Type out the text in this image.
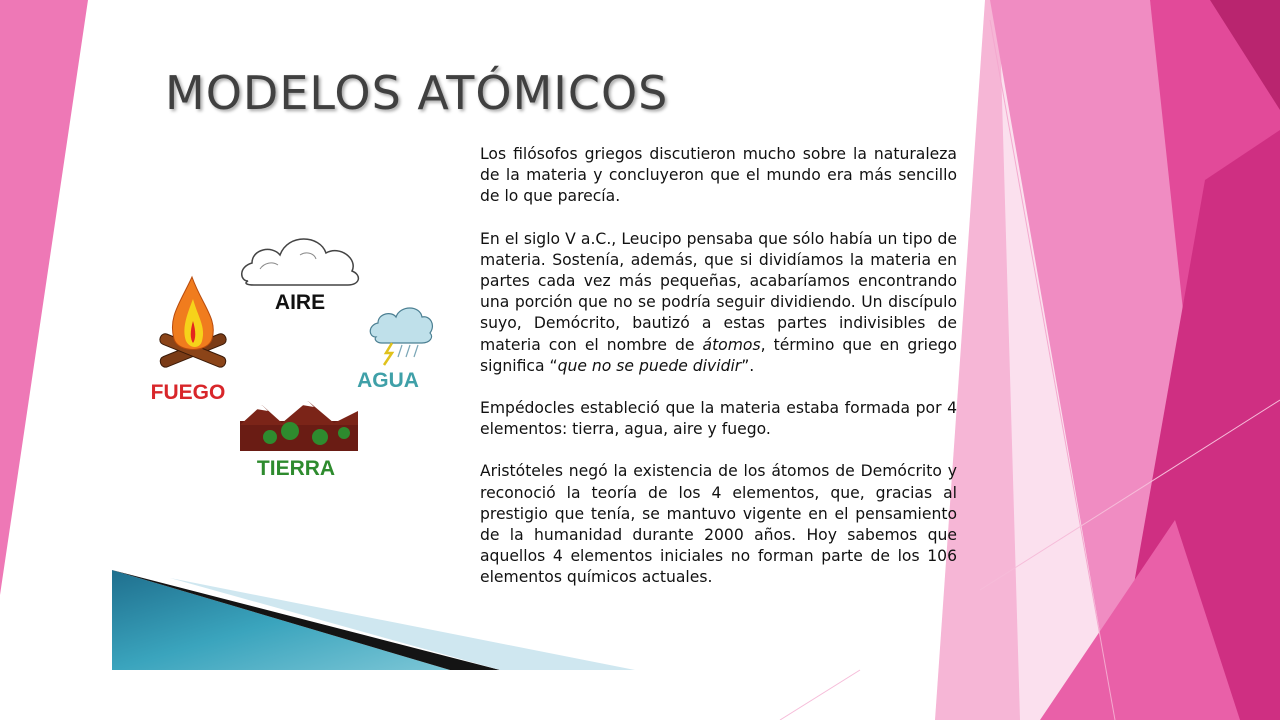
MODELOS ATÓMICOS
AIRE
FUEGO
AGUA
TIERRA

Los filósofos griegos discutieron mucho sobre la naturaleza de la materia y concluyeron que el mundo era más sencillo de lo que parecía.

En el siglo V a.C., Leucipo pensaba que sólo había un tipo de materia. Sostenía, además, que si dividíamos la materia en partes cada vez más pequeñas, acabaríamos encontrando una porción que no se podría seguir dividiendo. Un discípulo suyo, Demócrito, bautizó a estas partes indivisibles de materia con el nombre de átomos, término que en griego significa “que no se puede dividir”.

Empédocles estableció que la materia estaba formada por 4 elementos: tierra, agua, aire y fuego.

Aristóteles negó la existencia de los átomos de Demócrito y reconoció la teoría de los 4 elementos, que, gracias al prestigio que tenía, se mantuvo vigente en el pensamiento de la humanidad durante 2000 años. Hoy sabemos que aquellos 4 elementos iniciales no forman parte de los 106 elementos químicos actuales.
